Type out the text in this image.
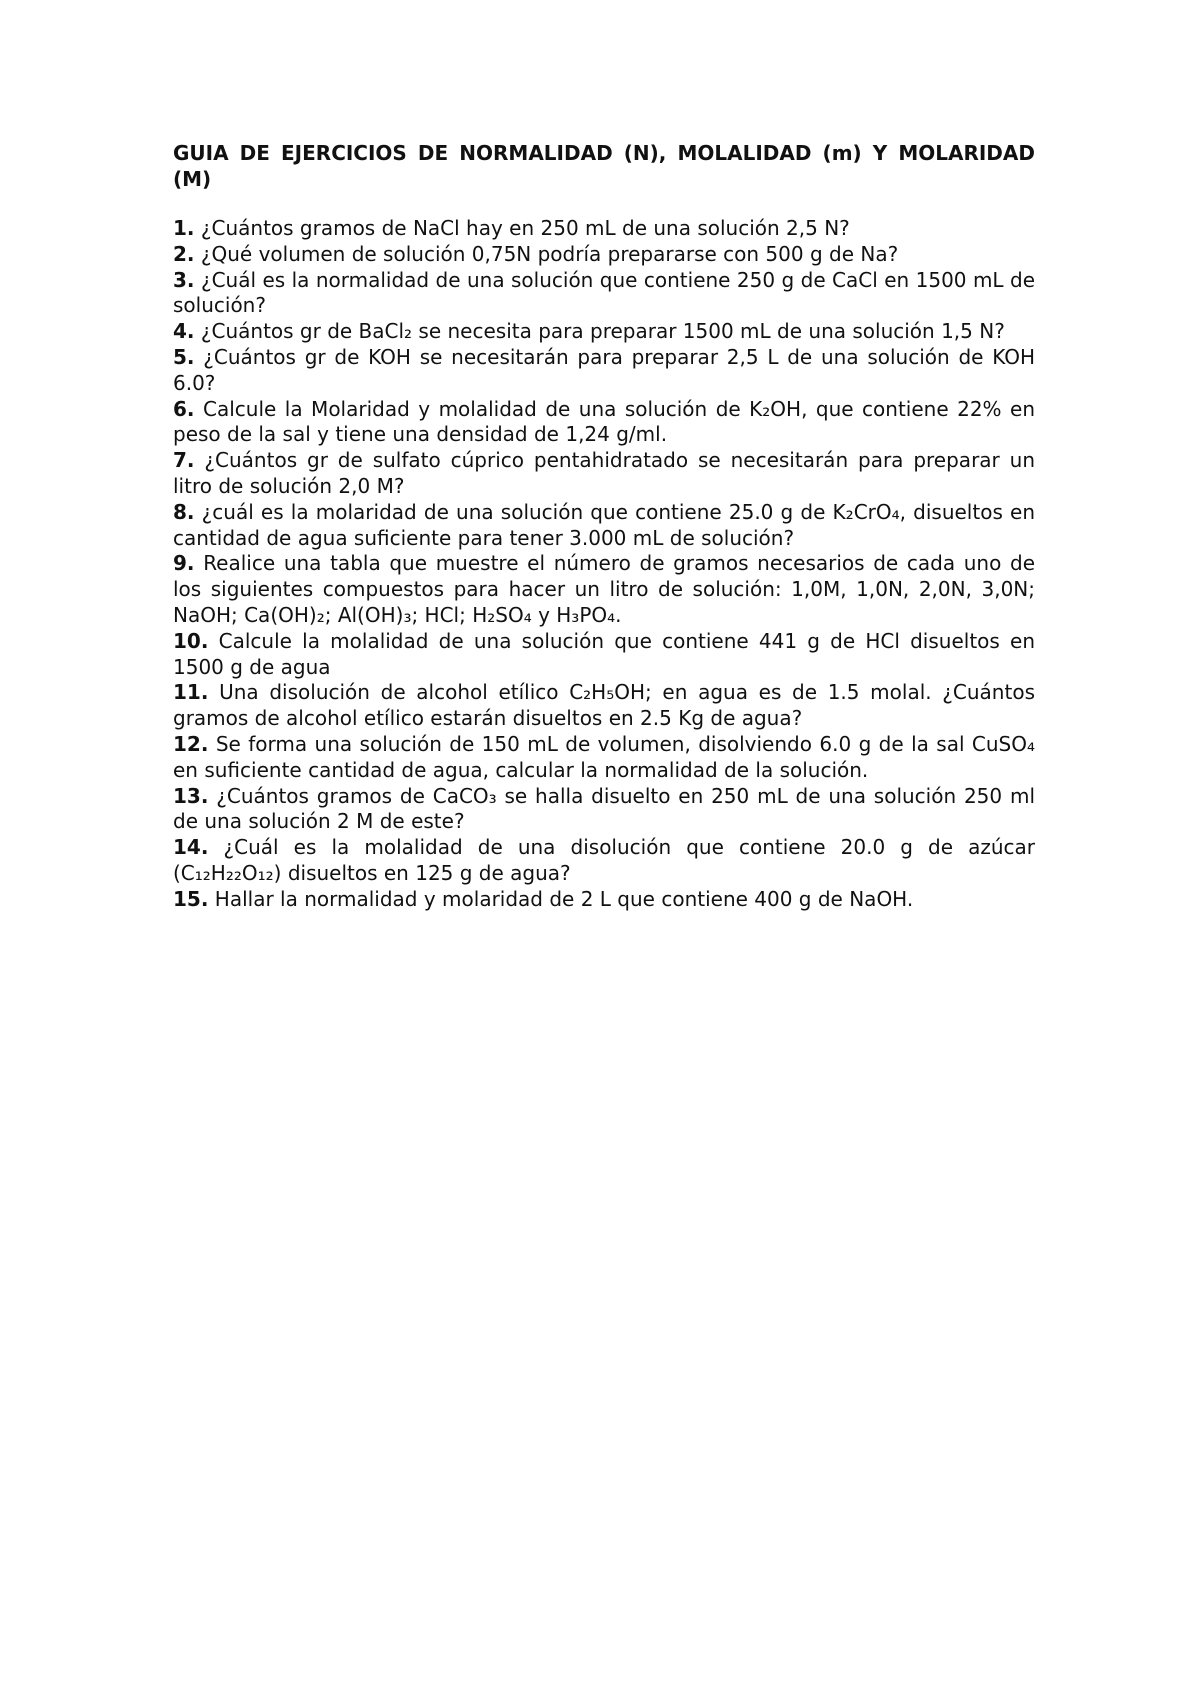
GUIA DE EJERCICIOS DE NORMALIDAD (N), MOLALIDAD (m) Y MOLARIDAD (M)

1. ¿Cuántos gramos de NaCl hay en 250 mL de una solución 2,5 N?

2. ¿Qué volumen de solución 0,75N podría prepararse con 500 g de Na?

3. ¿Cuál es la normalidad de una solución que contiene 250 g de CaCl en 1500 mL de solución?

4. ¿Cuántos gr de BaCl₂ se necesita para preparar 1500 mL de una solución 1,5 N?

5. ¿Cuántos gr de KOH se necesitarán para preparar 2,5 L de una solución de KOH 6.0?

6. Calcule la Molaridad y molalidad de una solución de K₂OH, que contiene 22% en peso de la sal y tiene una densidad de 1,24 g/ml.

7. ¿Cuántos gr de sulfato cúprico pentahidratado se necesitarán para preparar un litro de solución 2,0 M?

8. ¿cuál es la molaridad de una solución que contiene 25.0 g de K₂CrO₄, disueltos en cantidad de agua suficiente para tener 3.000 mL de solución?

9. Realice una tabla que muestre el número de gramos necesarios de cada uno de los siguientes compuestos para hacer un litro de solución: 1,0M, 1,0N, 2,0N, 3,0N; NaOH; Ca(OH)₂; Al(OH)₃; HCl; H₂SO₄ y H₃PO₄.

10. Calcule la molalidad de una solución que contiene 441 g de HCl disueltos en 1500 g de agua

11. Una disolución de alcohol etílico C₂H₅OH; en agua es de 1.5 molal. ¿Cuántos gramos de alcohol etílico estarán disueltos en 2.5 Kg de agua?

12. Se forma una solución de 150 mL de volumen, disolviendo 6.0 g de la sal CuSO₄ en suficiente cantidad de agua, calcular la normalidad de la solución.

13. ¿Cuántos gramos de CaCO₃ se halla disuelto en 250 mL de una solución 250 ml de una solución 2 M de este?

14. ¿Cuál es la molalidad de una disolución que contiene 20.0 g de azúcar (C₁₂H₂₂O₁₂) disueltos en 125 g de agua?

15. Hallar la normalidad y molaridad de 2 L que contiene 400 g de NaOH.
